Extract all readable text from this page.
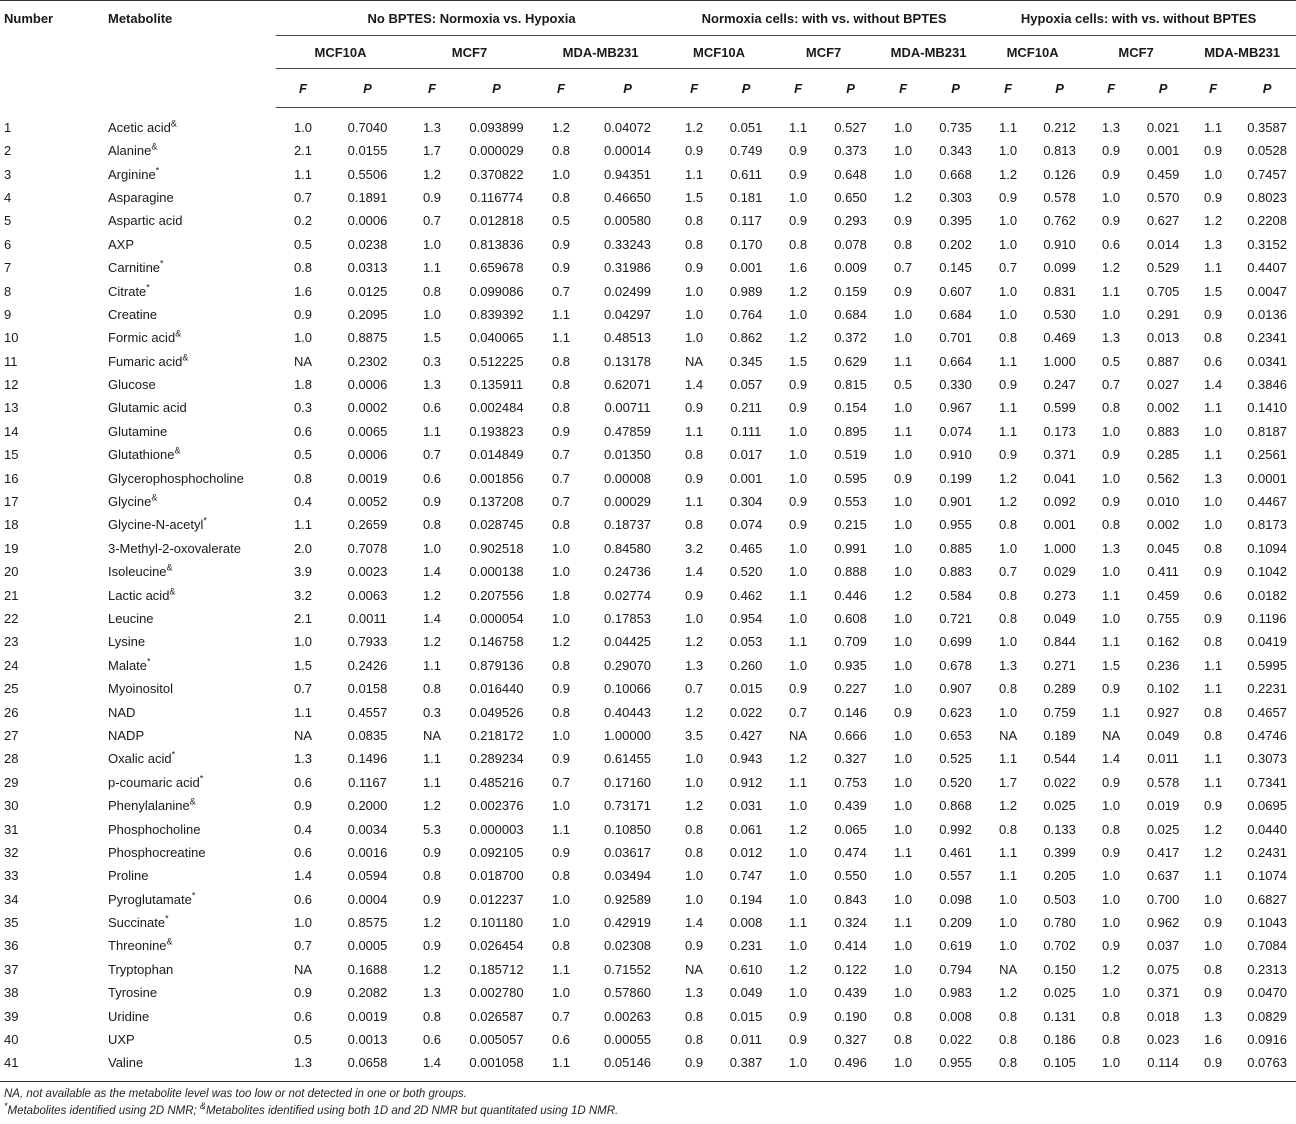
Number	Metabolite	No BPTES: Normoxia vs. Hypoxia						Normoxia cells: with vs. without BPTES						Hypoxia cells: with vs. without BPTES					
		MCF10A		MCF7		MDA-MB231		MCF10A		MCF7		MDA-MB231		MCF10A		MCF7		MDA-MB231	
		F	P	F	P	F	P	F	P	F	P	F	P	F	P	F	P	F	P
1	Acetic acid&	1.0	0.7040	1.3	0.093899	1.2	0.04072	1.2	0.051	1.1	0.527	1.0	0.735	1.1	0.212	1.3	0.021	1.1	0.3587
2	Alanine&	2.1	0.0155	1.7	0.000029	0.8	0.00014	0.9	0.749	0.9	0.373	1.0	0.343	1.0	0.813	0.9	0.001	0.9	0.0528
3	Arginine*	1.1	0.5506	1.2	0.370822	1.0	0.94351	1.1	0.611	0.9	0.648	1.0	0.668	1.2	0.126	0.9	0.459	1.0	0.7457
4	Asparagine	0.7	0.1891	0.9	0.116774	0.8	0.46650	1.5	0.181	1.0	0.650	1.2	0.303	0.9	0.578	1.0	0.570	0.9	0.8023
5	Aspartic acid	0.2	0.0006	0.7	0.012818	0.5	0.00580	0.8	0.117	0.9	0.293	0.9	0.395	1.0	0.762	0.9	0.627	1.2	0.2208
6	AXP	0.5	0.0238	1.0	0.813836	0.9	0.33243	0.8	0.170	0.8	0.078	0.8	0.202	1.0	0.910	0.6	0.014	1.3	0.3152
7	Carnitine*	0.8	0.0313	1.1	0.659678	0.9	0.31986	0.9	0.001	1.6	0.009	0.7	0.145	0.7	0.099	1.2	0.529	1.1	0.4407
8	Citrate*	1.6	0.0125	0.8	0.099086	0.7	0.02499	1.0	0.989	1.2	0.159	0.9	0.607	1.0	0.831	1.1	0.705	1.5	0.0047
9	Creatine	0.9	0.2095	1.0	0.839392	1.1	0.04297	1.0	0.764	1.0	0.684	1.0	0.684	1.0	0.530	1.0	0.291	0.9	0.0136
10	Formic acid&	1.0	0.8875	1.5	0.040065	1.1	0.48513	1.0	0.862	1.2	0.372	1.0	0.701	0.8	0.469	1.3	0.013	0.8	0.2341
11	Fumaric acid&	NA	0.2302	0.3	0.512225	0.8	0.13178	NA	0.345	1.5	0.629	1.1	0.664	1.1	1.000	0.5	0.887	0.6	0.0341
12	Glucose	1.8	0.0006	1.3	0.135911	0.8	0.62071	1.4	0.057	0.9	0.815	0.5	0.330	0.9	0.247	0.7	0.027	1.4	0.3846
13	Glutamic acid	0.3	0.0002	0.6	0.002484	0.8	0.00711	0.9	0.211	0.9	0.154	1.0	0.967	1.1	0.599	0.8	0.002	1.1	0.1410
14	Glutamine	0.6	0.0065	1.1	0.193823	0.9	0.47859	1.1	0.111	1.0	0.895	1.1	0.074	1.1	0.173	1.0	0.883	1.0	0.8187
15	Glutathione&	0.5	0.0006	0.7	0.014849	0.7	0.01350	0.8	0.017	1.0	0.519	1.0	0.910	0.9	0.371	0.9	0.285	1.1	0.2561
16	Glycerophosphocholine	0.8	0.0019	0.6	0.001856	0.7	0.00008	0.9	0.001	1.0	0.595	0.9	0.199	1.2	0.041	1.0	0.562	1.3	0.0001
17	Glycine&	0.4	0.0052	0.9	0.137208	0.7	0.00029	1.1	0.304	0.9	0.553	1.0	0.901	1.2	0.092	0.9	0.010	1.0	0.4467
18	Glycine-N-acetyl*	1.1	0.2659	0.8	0.028745	0.8	0.18737	0.8	0.074	0.9	0.215	1.0	0.955	0.8	0.001	0.8	0.002	1.0	0.8173
19	3-Methyl-2-oxovalerate	2.0	0.7078	1.0	0.902518	1.0	0.84580	3.2	0.465	1.0	0.991	1.0	0.885	1.0	1.000	1.3	0.045	0.8	0.1094
20	Isoleucine&	3.9	0.0023	1.4	0.000138	1.0	0.24736	1.4	0.520	1.0	0.888	1.0	0.883	0.7	0.029	1.0	0.411	0.9	0.1042
21	Lactic acid&	3.2	0.0063	1.2	0.207556	1.8	0.02774	0.9	0.462	1.1	0.446	1.2	0.584	0.8	0.273	1.1	0.459	0.6	0.0182
22	Leucine	2.1	0.0011	1.4	0.000054	1.0	0.17853	1.0	0.954	1.0	0.608	1.0	0.721	0.8	0.049	1.0	0.755	0.9	0.1196
23	Lysine	1.0	0.7933	1.2	0.146758	1.2	0.04425	1.2	0.053	1.1	0.709	1.0	0.699	1.0	0.844	1.1	0.162	0.8	0.0419
24	Malate*	1.5	0.2426	1.1	0.879136	0.8	0.29070	1.3	0.260	1.0	0.935	1.0	0.678	1.3	0.271	1.5	0.236	1.1	0.5995
25	Myoinositol	0.7	0.0158	0.8	0.016440	0.9	0.10066	0.7	0.015	0.9	0.227	1.0	0.907	0.8	0.289	0.9	0.102	1.1	0.2231
26	NAD	1.1	0.4557	0.3	0.049526	0.8	0.40443	1.2	0.022	0.7	0.146	0.9	0.623	1.0	0.759	1.1	0.927	0.8	0.4657
27	NADP	NA	0.0835	NA	0.218172	1.0	1.00000	3.5	0.427	NA	0.666	1.0	0.653	NA	0.189	NA	0.049	0.8	0.4746
28	Oxalic acid*	1.3	0.1496	1.1	0.289234	0.9	0.61455	1.0	0.943	1.2	0.327	1.0	0.525	1.1	0.544	1.4	0.011	1.1	0.3073
29	p-coumaric acid*	0.6	0.1167	1.1	0.485216	0.7	0.17160	1.0	0.912	1.1	0.753	1.0	0.520	1.7	0.022	0.9	0.578	1.1	0.7341
30	Phenylalanine&	0.9	0.2000	1.2	0.002376	1.0	0.73171	1.2	0.031	1.0	0.439	1.0	0.868	1.2	0.025	1.0	0.019	0.9	0.0695
31	Phosphocholine	0.4	0.0034	5.3	0.000003	1.1	0.10850	0.8	0.061	1.2	0.065	1.0	0.992	0.8	0.133	0.8	0.025	1.2	0.0440
32	Phosphocreatine	0.6	0.0016	0.9	0.092105	0.9	0.03617	0.8	0.012	1.0	0.474	1.1	0.461	1.1	0.399	0.9	0.417	1.2	0.2431
33	Proline	1.4	0.0594	0.8	0.018700	0.8	0.03494	1.0	0.747	1.0	0.550	1.0	0.557	1.1	0.205	1.0	0.637	1.1	0.1074
34	Pyroglutamate*	0.6	0.0004	0.9	0.012237	1.0	0.92589	1.0	0.194	1.0	0.843	1.0	0.098	1.0	0.503	1.0	0.700	1.0	0.6827
35	Succinate*	1.0	0.8575	1.2	0.101180	1.0	0.42919	1.4	0.008	1.1	0.324	1.1	0.209	1.0	0.780	1.0	0.962	0.9	0.1043
36	Threonine&	0.7	0.0005	0.9	0.026454	0.8	0.02308	0.9	0.231	1.0	0.414	1.0	0.619	1.0	0.702	0.9	0.037	1.0	0.7084
37	Tryptophan	NA	0.1688	1.2	0.185712	1.1	0.71552	NA	0.610	1.2	0.122	1.0	0.794	NA	0.150	1.2	0.075	0.8	0.2313
38	Tyrosine	0.9	0.2082	1.3	0.002780	1.0	0.57860	1.3	0.049	1.0	0.439	1.0	0.983	1.2	0.025	1.0	0.371	0.9	0.0470
39	Uridine	0.6	0.0019	0.8	0.026587	0.7	0.00263	0.8	0.015	0.9	0.190	0.8	0.008	0.8	0.131	0.8	0.018	1.3	0.0829
40	UXP	0.5	0.0013	0.6	0.005057	0.6	0.00055	0.8	0.011	0.9	0.327	0.8	0.022	0.8	0.186	0.8	0.023	1.6	0.0916
41	Valine	1.3	0.0658	1.4	0.001058	1.1	0.05146	0.9	0.387	1.0	0.496	1.0	0.955	0.8	0.105	1.0	0.114	0.9	0.0763
NA, not available as the metabolite level was too low or not detected in one or both groups.
*Metabolites identified using 2D NMR; &Metabolites identified using both 1D and 2D NMR but quantitated using 1D NMR.
